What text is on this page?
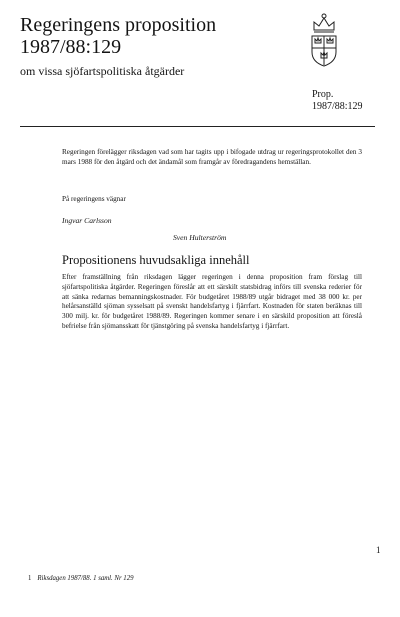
Regeringens proposition
1987/88:129
om vissa sjöfartspolitiska åtgärder
Prop.
1987/88:129
Regeringen förelägger riksdagen vad som har tagits upp i bifogade utdrag ur regeringsprotokollet den 3 mars 1988 för den åtgärd och det ändamål som framgår av föredragandens hemställan.
På regeringens vägnar
Ingvar Carlsson
Sven Hulterström
Propositionens huvudsakliga innehåll
Efter framställning från riksdagen lägger regeringen i denna proposition fram förslag till sjöfartspolitiska åtgärder. Regeringen föreslår att ett särskilt statsbidrag införs till svenska rederier för att sänka redarnas bemanningskostnader. För budgetåret 1988/89 utgår bidraget med 38 000 kr. per helårsanställd sjöman sysselsatt på svenskt handelsfartyg i fjärrfart. Kostnaden för staten beräknas till 300 milj. kr. för budgetåret 1988/89. Regeringen kommer senare i en särskild proposition att föreslå befrielse från sjömansskatt för tjänstgöring på svenska handelsfartyg i fjärrfart.
1
1 Riksdagen 1987/88. 1 saml. Nr 129
